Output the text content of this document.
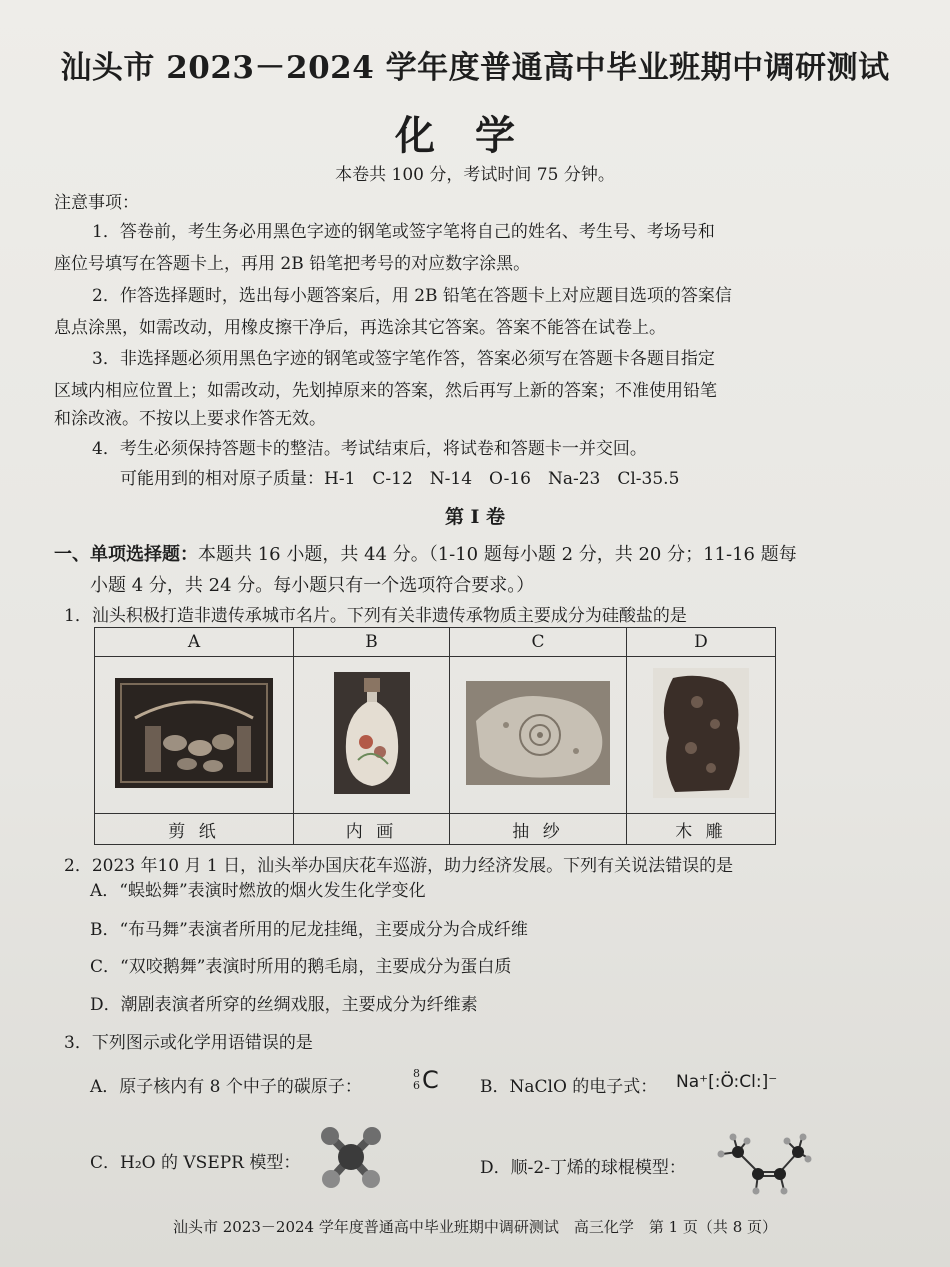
汕头市 2023－2024 学年度普通高中毕业班期中调研测试
化学
本卷共 100 分，考试时间 75 分钟。
注意事项：
1．答卷前，考生务必用黑色字迹的钢笔或签字笔将自己的姓名、考生号、考场号和
座位号填写在答题卡上，再用 2B 铅笔把考号的对应数字涂黑。
2．作答选择题时，选出每小题答案后，用 2B 铅笔在答题卡上对应题目选项的答案信
息点涂黑，如需改动，用橡皮擦干净后，再选涂其它答案。答案不能答在试卷上。
3．非选择题必须用黑色字迹的钢笔或签字笔作答，答案必须写在答题卡各题目指定
区域内相应位置上；如需改动，先划掉原来的答案，然后再写上新的答案；不准使用铅笔
和涂改液。不按以上要求作答无效。
4．考生必须保持答题卡的整洁。考试结束后，将试卷和答题卡一并交回。
可能用到的相对原子质量：H-1　C-12　N-14　O-16　Na-23　Cl-35.5
第 I 卷
一、单项选择题：本题共 16 小题，共 44 分。（1-10 题每小题 2 分，共 20 分；11-16 题每
小题 4 分，共 24 分。每小题只有一个选项符合要求。）
1．汕头积极打造非遗传承城市名片。下列有关非遗传承物质主要成分为硅酸盐的是
A	B	C	D

剪 纸	内 画	抽 纱	木 雕
2．2023 年10 月 1 日，汕头举办国庆花车巡游，助力经济发展。下列有关说法错误的是
A．“蜈蚣舞”表演时燃放的烟火发生化学变化
B．“布马舞”表演者所用的尼龙挂绳，主要成分为合成纤维
C．“双咬鹅舞”表演时所用的鹅毛扇，主要成分为蛋白质
D．潮剧表演者所穿的丝绸戏服，主要成分为纤维素
3．下列图示或化学用语错误的是
A．原子核内有 8 个中子的碳原子：
8
6 C B．NaClO 的电子式： Na⁺[:Ö:Cl:]⁻
C．H₂O 的 VSEPR 模型：	D．顺-2-丁烯的球棍模型：
汕头市 2023－2024 学年度普通高中毕业班期中调研测试　高三化学　第 1 页（共 8 页）
